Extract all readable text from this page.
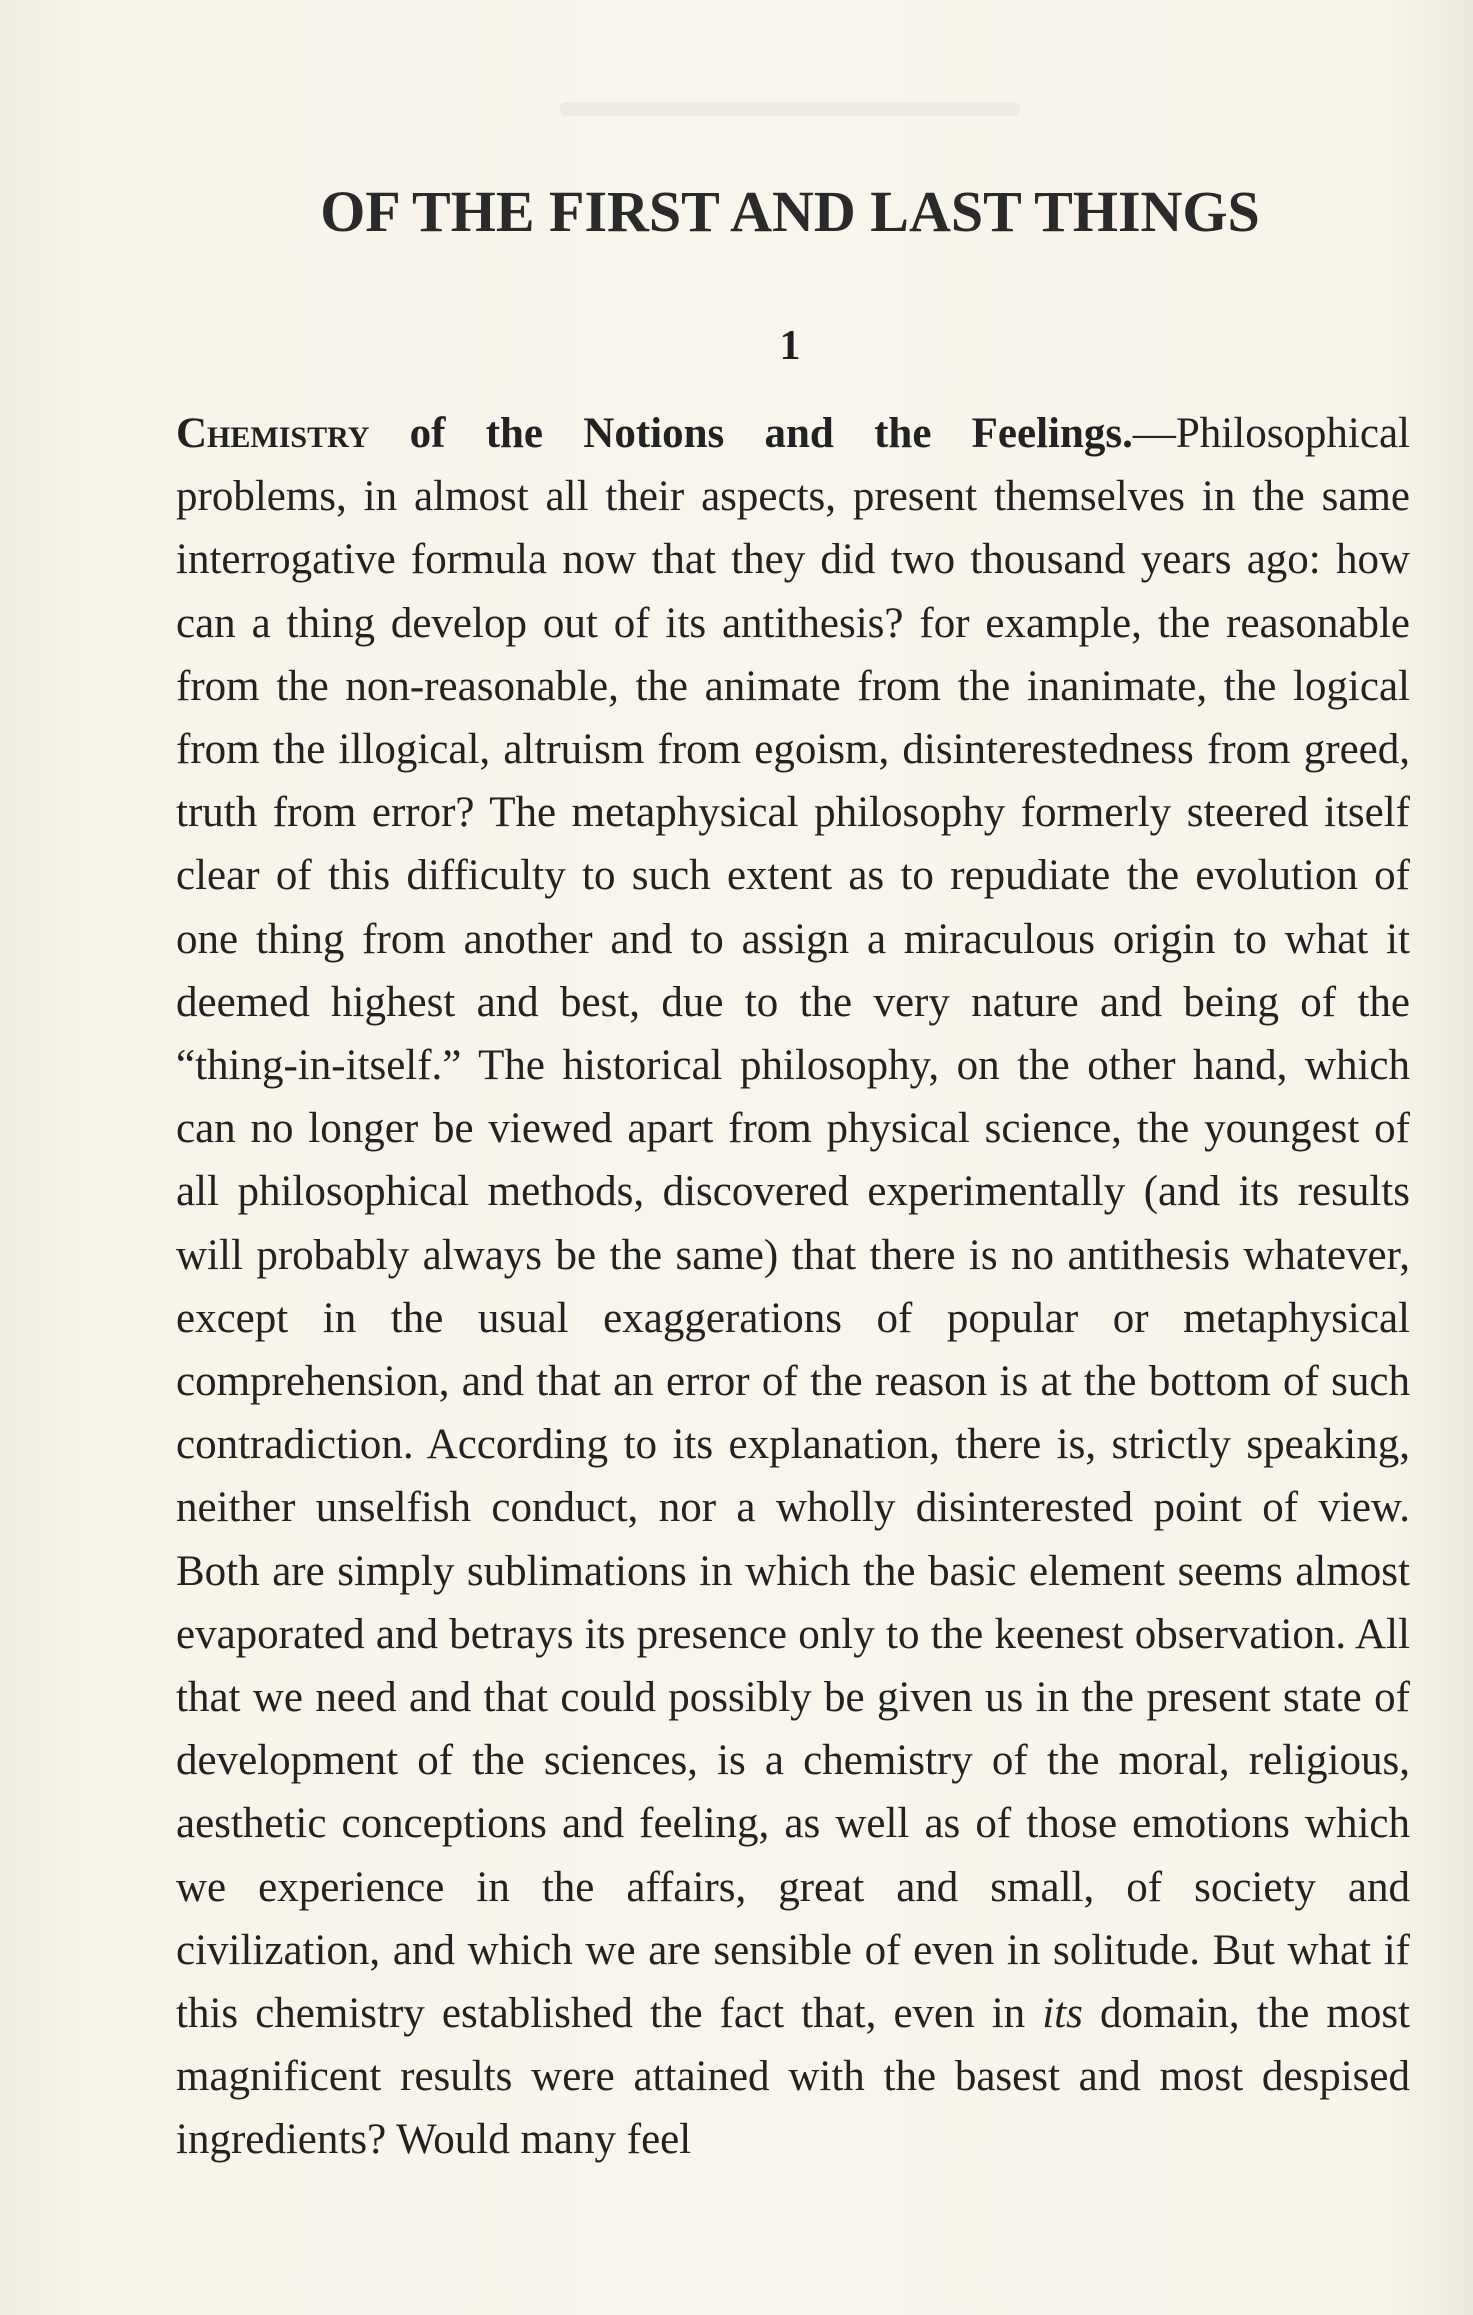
OF THE FIRST AND LAST THINGS
1

Chemistry of the Notions and the Feelings.—Philosophical problems, in almost all their aspects, present themselves in the same interrogative formula now that they did two thousand years ago: how can a thing develop out of its antithesis? for example, the reasonable from the non-reasonable, the animate from the inanimate, the logical from the illogical, altruism from egoism, disinterestedness from greed, truth from error? The metaphysical philosophy formerly steered itself clear of this difficulty to such extent as to repudiate the evolution of one thing from another and to assign a miraculous origin to what it deemed highest and best, due to the very nature and being of the “thing-in-itself.” The historical philosophy, on the other hand, which can no longer be viewed apart from physical science, the youngest of all philosophical methods, discovered experimentally (and its results will probably always be the same) that there is no antithesis whatever, except in the usual exaggerations of popular or metaphysical comprehension, and that an error of the reason is at the bottom of such contradiction. According to its explanation, there is, strictly speaking, neither unselfish conduct, nor a wholly disinterested point of view. Both are simply sublimations in which the basic element seems almost evaporated and betrays its presence only to the keenest observation. All that we need and that could possibly be given us in the present state of development of the sciences, is a chemistry of the moral, religious, aesthetic conceptions and feeling, as well as of those emotions which we experience in the affairs, great and small, of society and civilization, and which we are sensible of even in solitude. But what if this chemistry established the fact that, even in its domain, the most magnificent results were attained with the basest and most despised ingredients? Would many feel
